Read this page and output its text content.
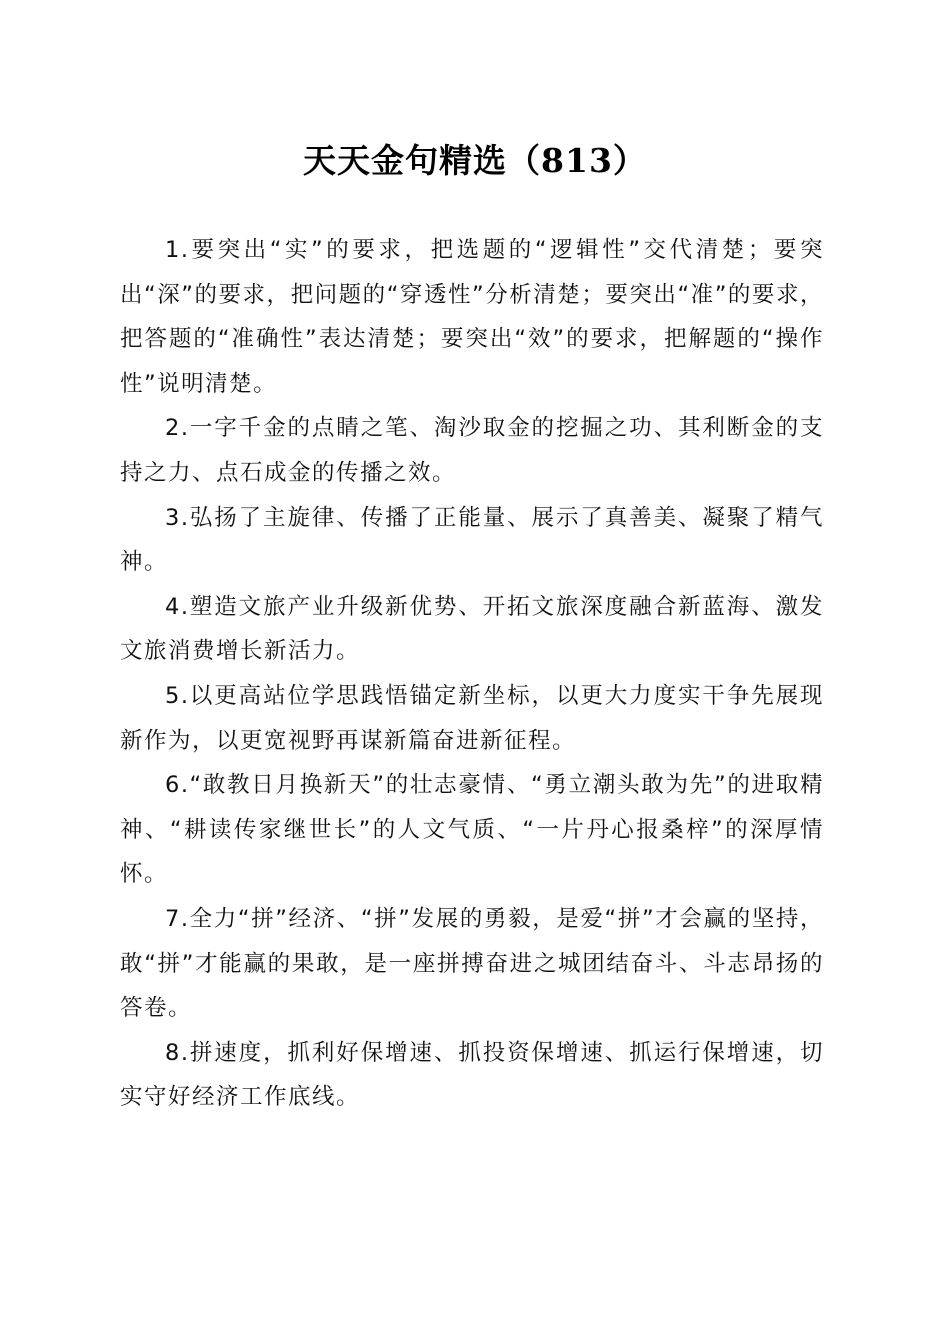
天天金句精选（813）

1.要突出“实”的要求，把选题的“逻辑性”交代清楚；要突出“深”的要求，把问题的“穿透性”分析清楚；要突出“准”的要求，把答题的“准确性”表达清楚；要突出“效”的要求，把解题的“操作性”说明清楚。

2.一字千金的点睛之笔、淘沙取金的挖掘之功、其利断金的支持之力、点石成金的传播之效。

3.弘扬了主旋律、传播了正能量、展示了真善美、凝聚了精气神。

4.塑造文旅产业升级新优势、开拓文旅深度融合新蓝海、激发文旅消费增长新活力。

5.以更高站位学思践悟锚定新坐标，以更大力度实干争先展现新作为，以更宽视野再谋新篇奋进新征程。

6.“敢教日月换新天”的壮志豪情、“勇立潮头敢为先”的进取精神、“耕读传家继世长”的人文气质、“一片丹心报桑梓”的深厚情怀。

7.全力“拼”经济、“拼”发展的勇毅，是爱“拼”才会赢的坚持，敢“拼”才能赢的果敢，是一座拼搏奋进之城团结奋斗、斗志昂扬的答卷。

8.拼速度，抓利好保增速、抓投资保增速、抓运行保增速，切实守好经济工作底线。
